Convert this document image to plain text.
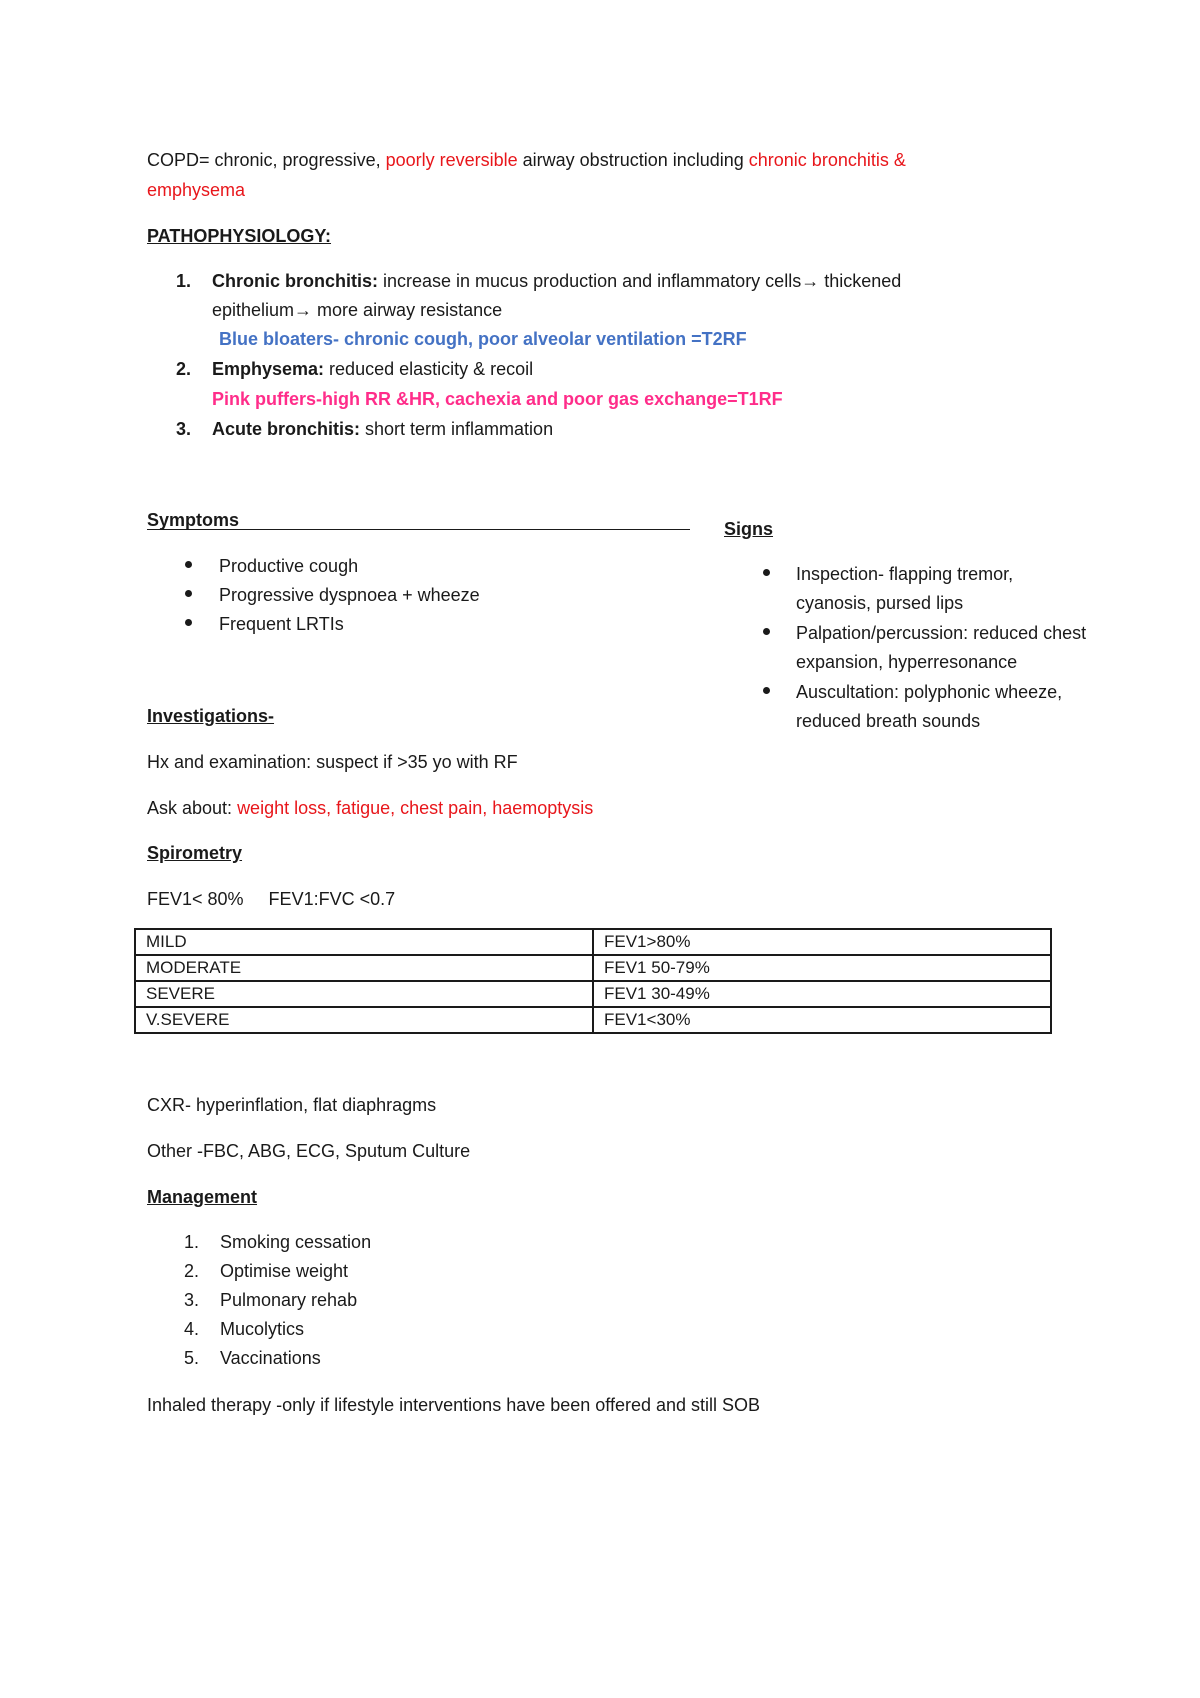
COPD= chronic, progressive, poorly reversible airway obstruction including chronic bronchitis &
emphysema
PATHOPHYSIOLOGY:
1. Chronic bronchitis: increase in mucus production and inflammatory cells→ thickened
epithelium→ more airway resistance
Blue bloaters- chronic cough, poor alveolar ventilation =T2RF
2. Emphysema: reduced elasticity & recoil
Pink puffers-high RR &HR, cachexia and poor gas exchange=T1RF
3. Acute bronchitis: short term inflammation
Symptoms
Productive cough
Progressive dyspnoea + wheeze
Frequent LRTIs
Signs
Inspection- flapping tremor,
cyanosis, pursed lips
Palpation/percussion: reduced chest
expansion, hyperresonance
Auscultation: polyphonic wheeze,
reduced breath sounds
Investigations-
Hx and examination: suspect if >35 yo with RF
Ask about: weight loss, fatigue, chest pain, haemoptysis
Spirometry
FEV1< 80%     FEV1:FVC <0.7
MILD	FEV1>80%
MODERATE	FEV1 50-79%
SEVERE	FEV1 30-49%
V.SEVERE	FEV1<30%
CXR- hyperinflation, flat diaphragms
Other -FBC, ABG, ECG, Sputum Culture
Management
1. Smoking cessation
2. Optimise weight
3. Pulmonary rehab
4. Mucolytics
5. Vaccinations
Inhaled therapy -only if lifestyle interventions have been offered and still SOB
